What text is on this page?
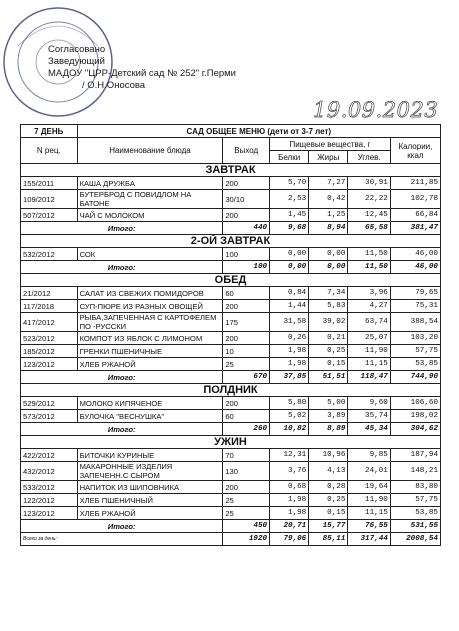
Согласовано
Заведующий
МАДОУ "ЦРР-Детский сад № 252" г.Перми
/ О.Н.Оносова
19.09.2023
7 ДЕНЬ	САД ОБЩЕЕ МЕНЮ (дети от 3-7 лет)					
N рец.	Наименование блюда	Выход	Пищевые вещества, г			Калории, ккал
			Белки	Жиры	Углев.	
ЗАВТРАК						
155/2011	КАША ДРУЖБА	200	5,70	7,27	30,91	211,85
109/2012	БУТЕРБРОД С ПОВИДЛОМ НА БАТОНЕ	30/10	2,53	0,42	22,22	102,78
507/2012	ЧАЙ С МОЛОКОМ	200	1,45	1,25	12,45	66,84
Итого:		440	9,68	8,94	65,58	381,47
2-ОЙ ЗАВТРАК						
532/2012	СОК	100	0,00	0,00	11,50	46,00
Итого:		100	0,00	0,00	11,50	46,00
ОБЕД						
21/2012	САЛАТ ИЗ СВЕЖИХ ПОМИДОРОВ	60	0,84	7,34	3,96	79,65
117/2018	СУП-ПЮРЕ ИЗ РАЗНЫХ ОВОЩЕЙ	200	1,44	5,83	4,27	75,31
417/2012	РЫБА,ЗАПЕЧЕННАЯ С КАРТОФЕЛЕМ ПО -РУССКИ	175	31,58	39,02	63,74	388,54
523/2012	КОМПОТ ИЗ ЯБЛОК С ЛИМОНОМ	200	0,26	0,21	25,07	103,20
185/2012	ГРЕНКИ ПШЕНИЧНЫЕ	10	1,98	0,25	11,90	57,75
123/2012	ХЛЕБ РЖАНОЙ	25	1,98	0,15	11,15	53,85
Итого:		670	37,85	51,51	118,47	744,90
ПОЛДНИК						
529/2012	МОЛОКО КИПЯЧЕНОЕ	200	5,80	5,00	9,60	106,60
573/2012	БУЛОЧКА "ВЕСНУШКА"	60	5,02	3,89	35,74	198,02
Итого:		260	10,82	8,89	45,34	304,62
УЖИН						
422/2012	БИТОЧКИ КУРИНЫЕ	70	12,31	10,96	9,85	187,94
432/2012	МАКАРОННЫЕ ИЗДЕЛИЯ ЗАПЕЧЕНН.С СЫРОМ	130	3,76	4,13	24,01	148,21
533/2012	НАПИТОК ИЗ ШИПОВНИКА	200	0,68	0,28	19,64	83,80
122/2012	ХЛЕБ ПШЕНИЧНЫЙ	25	1,98	0,25	11,90	57,75
123/2012	ХЛЕБ РЖАНОЙ	25	1,98	0,15	11,15	53,85
Итого:		450	20,71	15,77	76,55	531,55
Всего за день:		1920	79,06	85,11	317,44	2008,54
